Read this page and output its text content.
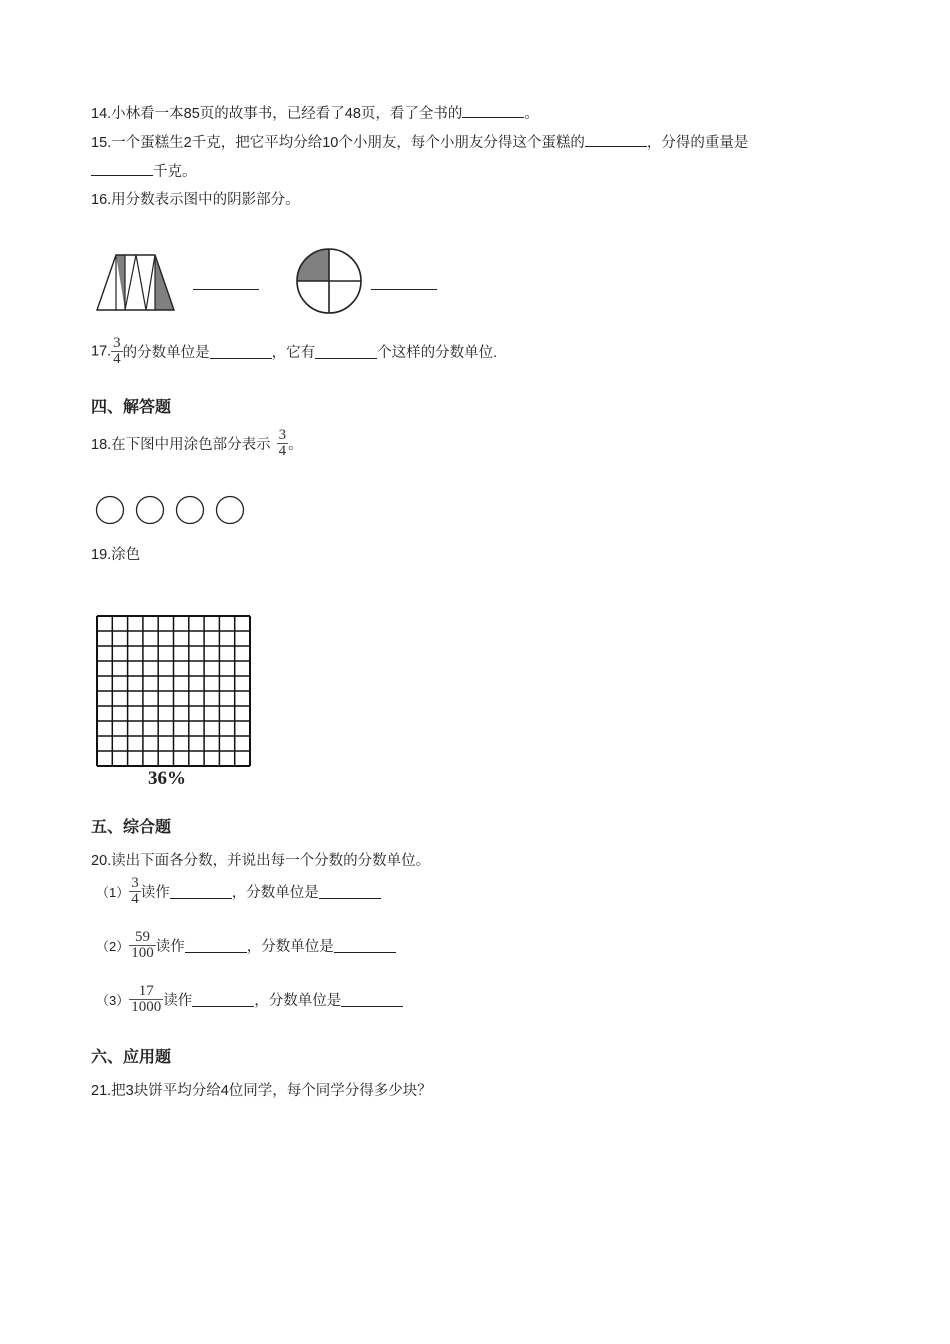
14.小林看一本85页的故事书，已经看了48页，看了全书的	。
15.一个蛋糕生2千克，把它平均分给10个小朋友，每个小朋友分得这个蛋糕的	，分得的重量是
千克。
16.用分数表示图中的阴影部分。
17. $\frac{3}{4}$ 的分数单位是	，它有	个这样的分数单位.
四、解答题
18.在下图中用涂色部分表示 $\frac{3}{4}$ 。
19.涂色
36%
五、综合题
20.读出下面各分数，并说出每一个分数的分数单位。
$(1) \frac{3}{4}$ 读作	，分数单位是
$(2) \frac{59}{100}$ 读作	，分数单位是
$(3) \frac{17}{1000}$ 读作	，分数单位是
六、应用题
21.把3块饼平均分给4位同学，每个同学分得多少块？
